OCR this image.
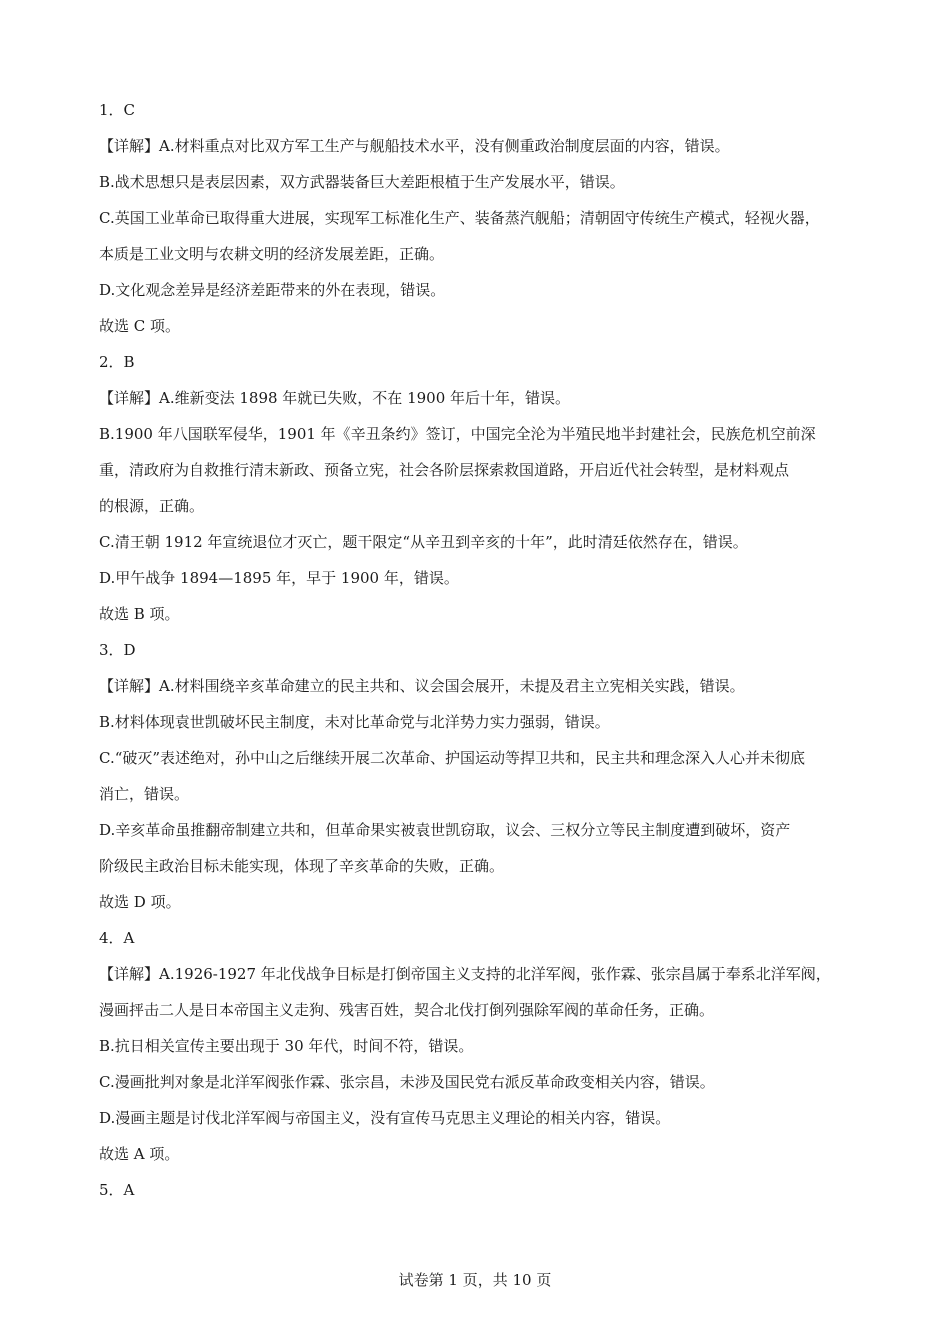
1．C
【详解】A.材料重点对比双方军工生产与舰船技术水平，没有侧重政治制度层面的内容，错误。
B.战术思想只是表层因素，双方武器装备巨大差距根植于生产发展水平，错误。
C.英国工业革命已取得重大进展，实现军工标准化生产、装备蒸汽舰船；清朝固守传统生产模式，轻视火器，
本质是工业文明与农耕文明的经济发展差距，正确。
D.文化观念差异是经济差距带来的外在表现，错误。
故选 C 项。
2．B
【详解】A.维新变法 1898 年就已失败，不在 1900 年后十年，错误。
B.1900 年八国联军侵华，1901 年《辛丑条约》签订，中国完全沦为半殖民地半封建社会，民族危机空前深
重，清政府为自救推行清末新政、预备立宪，社会各阶层探索救国道路，开启近代社会转型，是材料观点
的根源，正确。
C.清王朝 1912 年宣统退位才灭亡，题干限定“从辛丑到辛亥的十年”，此时清廷依然存在，错误。
D.甲午战争 1894—1895 年，早于 1900 年，错误。
故选 B 项。
3．D
【详解】A.材料围绕辛亥革命建立的民主共和、议会国会展开，未提及君主立宪相关实践，错误。
B.材料体现袁世凯破坏民主制度，未对比革命党与北洋势力实力强弱，错误。
C.“破灭”表述绝对，孙中山之后继续开展二次革命、护国运动等捍卫共和，民主共和理念深入人心并未彻底
消亡，错误。
D.辛亥革命虽推翻帝制建立共和，但革命果实被袁世凯窃取，议会、三权分立等民主制度遭到破坏，资产
阶级民主政治目标未能实现，体现了辛亥革命的失败，正确。
故选 D 项。
4．A
【详解】A.1926-1927 年北伐战争目标是打倒帝国主义支持的北洋军阀，张作霖、张宗昌属于奉系北洋军阀，
漫画抨击二人是日本帝国主义走狗、残害百姓，契合北伐打倒列强除军阀的革命任务，正确。
B.抗日相关宣传主要出现于 30 年代，时间不符，错误。
C.漫画批判对象是北洋军阀张作霖、张宗昌，未涉及国民党右派反革命政变相关内容，错误。
D.漫画主题是讨伐北洋军阀与帝国主义，没有宣传马克思主义理论的相关内容，错误。
故选 A 项。
5．A
试卷第 1 页，共 10 页
